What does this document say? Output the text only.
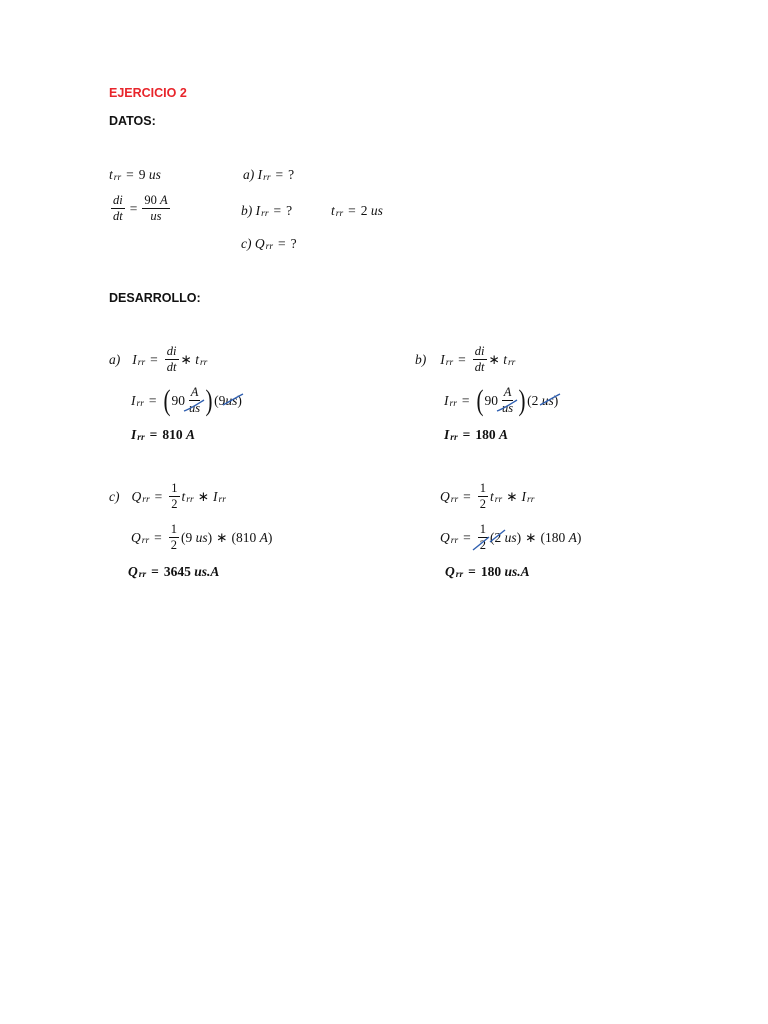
EJERCICIO 2
DATOS:
DESARROLLO:
t rr = 9
us
$\frac{di}{dt} = \frac{90 A}{us}$
a)
I rr = ?
b)
I rr = ?	t rr = 2
us
c)
Q rr = ?
a) I rr = $\frac{di}{dt}$ ∗
t rr
I rr = ( $90 \frac{A}{us}$ ) ( 9 us )
I rr = 810
A
b) I rr = $\frac{di}{dt}$ ∗
t rr
I rr = ( $90 \frac{A}{us}$ ) ( 2
us )
I rr = 180
A
c) Q rr = $\frac{1}{2}$ t rr ∗ I rr
Q rr = $\frac{1}{2}$ ( 9
us ) ∗ ( 810
A )
Q rr = 3645
us.A
Q rr = $\frac{1}{2}$ t rr ∗ I rr
Q rr = $\frac{1}{2}$ ( 2
us ) ∗ ( 180
A )
Q rr = 180
us.A
